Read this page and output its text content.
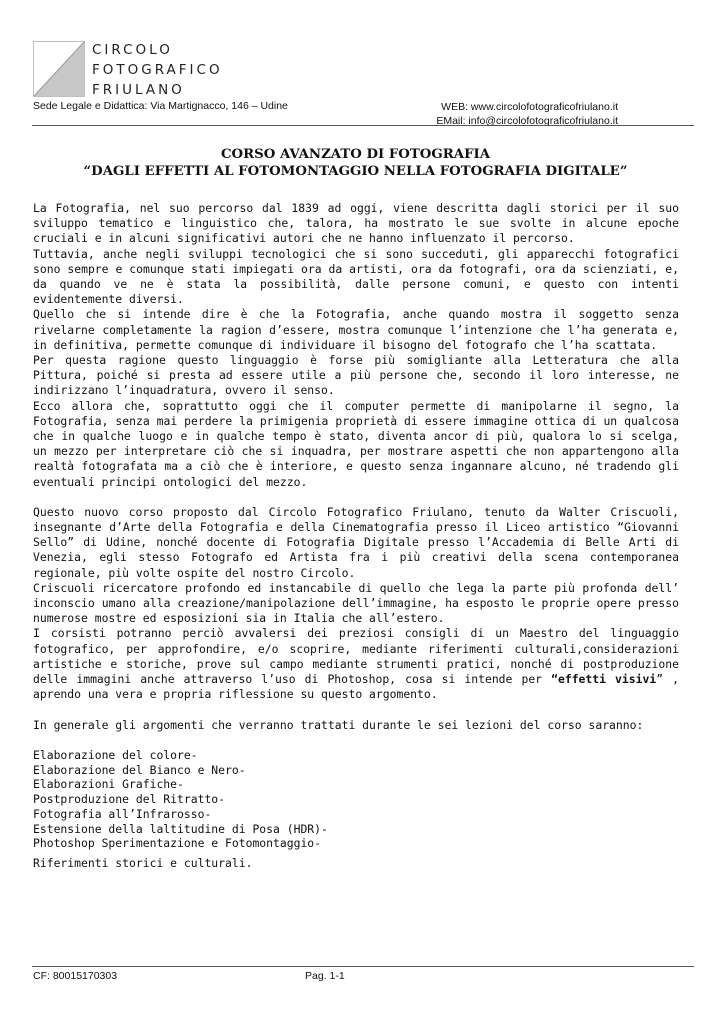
CIRCOLO
FOTOGRAFICO
FRIULANO
Sede Legale e Didattica: Via Martignacco, 146 – Udine	WEB: www.circolofotograficofriulano.it
EMail: info@circolofotograficofriulano.it
CORSO AVANZATO DI FOTOGRAFIA
“DAGLI EFFETTI AL FOTOMONTAGGIO NELLA FOTOGRAFIA DIGITALE”

La Fotografia, nel suo percorso dal 1839 ad oggi, viene descritta dagli storici per il suo sviluppo tematico e linguistico che, talora, ha mostrato le sue svolte in alcune epoche cruciali e in alcuni significativi autori che ne hanno influenzato il percorso.

Tuttavia, anche negli sviluppi tecnologici che si sono succeduti, gli apparecchi fotografici sono sempre e comunque stati impiegati ora da artisti, ora da fotografi, ora da scienziati, e, da quando ve ne è stata la possibilità, dalle persone comuni, e questo con intenti evidentemente diversi.

Quello che si intende dire è che la Fotografia, anche quando mostra il soggetto senza rivelarne completamente la ragion d’essere, mostra comunque l’intenzione che l’ha generata e, in definitiva, permette comunque di individuare il bisogno del fotografo che l’ha scattata.

Per questa ragione questo linguaggio è forse più somigliante alla Letteratura che alla Pittura, poiché si presta ad essere utile a più persone che, secondo il loro interesse, ne indirizzano l’inquadratura, ovvero il senso.

Ecco allora che, soprattutto oggi che il computer permette di manipolarne il segno, la Fotografia, senza mai perdere la primigenia proprietà di essere immagine ottica di un qualcosa che in qualche luogo e in qualche tempo è stato, diventa ancor di più, qualora lo si scelga, un mezzo per interpretare ciò che si inquadra, per mostrare aspetti che non appartengono alla realtà fotografata ma a ciò che è interiore, e questo senza ingannare alcuno, né tradendo gli eventuali principi ontologici del mezzo.

Questo nuovo corso proposto dal Circolo Fotografico Friulano, tenuto da Walter Criscuoli, insegnante d’Arte della Fotografia e della Cinematografia presso il Liceo artistico “Giovanni Sello” di Udine, nonché docente di Fotografia Digitale presso l’Accademia di Belle Arti di Venezia, egli stesso Fotografo ed Artista fra i più creativi della scena contemporanea regionale, più volte ospite del nostro Circolo.

Criscuoli ricercatore profondo ed instancabile di quello che lega la parte più profonda dell’ inconscio umano alla creazione/manipolazione dell’immagine, ha esposto le proprie opere presso numerose mostre ed esposizioni sia in Italia che all’estero.

I corsisti potranno perciò avvalersi dei preziosi consigli di un Maestro del linguaggio fotografico, per approfondire, e/o scoprire, mediante riferimenti culturali,considerazioni artistiche e storiche, prove sul campo mediante strumenti pratici, nonché di postproduzione delle immagini anche attraverso l’uso di Photoshop, cosa si intende per “effetti visivi” , aprendo una vera e propria riflessione su questo argomento.

In generale gli argomenti che verranno trattati durante le sei lezioni del corso saranno:

Elaborazione del colore-
Elaborazione del Bianco e Nero-
Elaborazioni Grafiche-
Postproduzione del Ritratto-
Fotografia all’Infrarosso-
Estensione della laltitudine di Posa (HDR)-
Photoshop Sperimentazione e Fotomontaggio-

Riferimenti storici e culturali.

CF: 80015170303	Pag. 1-1
